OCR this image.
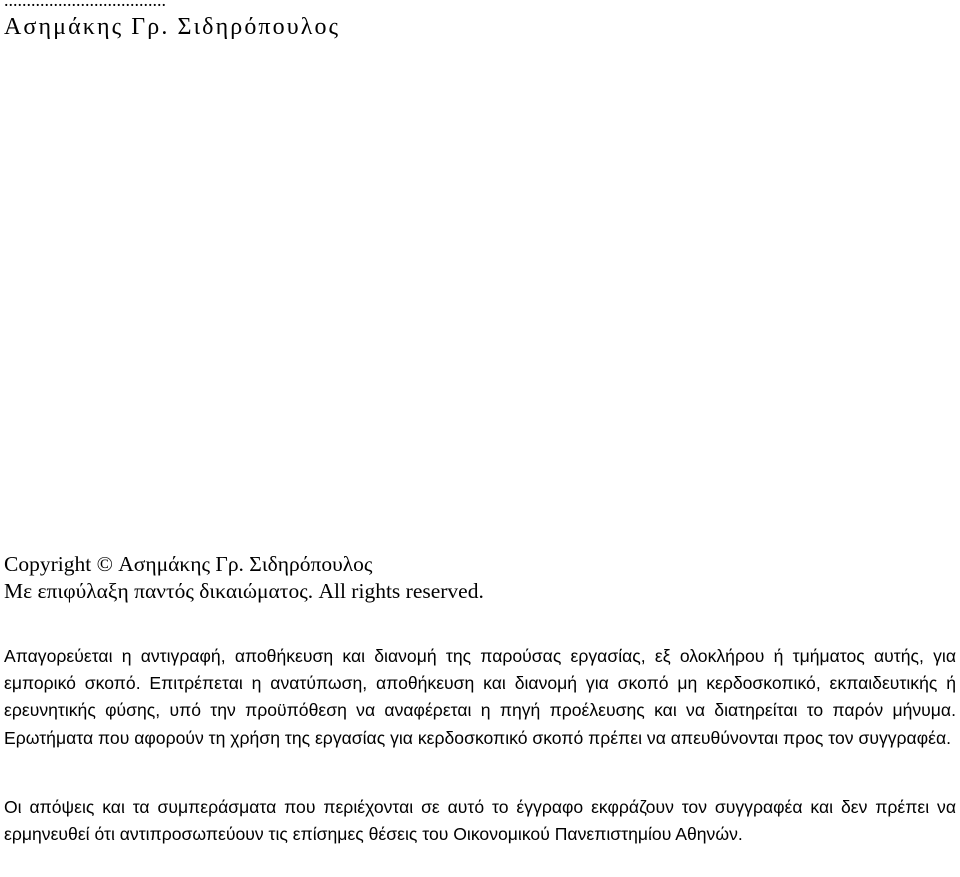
....................................
Ασημάκης Γρ. Σιδηρόπουλος
Copyright © Ασημάκης Γρ. Σιδηρόπουλος
Με επιφύλαξη παντός δικαιώματος. All rights reserved.

Απαγορεύεται η αντιγραφή, αποθήκευση και διανομή της παρούσας εργασίας, εξ ολοκλήρου ή τμήματος αυτής, για εμπορικό σκοπό. Επιτρέπεται η ανατύπωση, αποθήκευση και διανομή για σκοπό μη κερδοσκοπικό, εκπαιδευτικής ή ερευνητικής φύσης, υπό την προϋπόθεση να αναφέρεται η πηγή προέλευσης και να διατηρείται το παρόν μήνυμα. Ερωτήματα που αφορούν τη χρήση της εργασίας για κερδοσκοπικό σκοπό πρέπει να απευθύνονται προς τον συγγραφέα.

Οι απόψεις και τα συμπεράσματα που περιέχονται σε αυτό το έγγραφο εκφράζουν τον συγγραφέα και δεν πρέπει να ερμηνευθεί ότι αντιπροσωπεύουν τις επίσημες θέσεις του Οικονομικού Πανεπιστημίου Αθηνών.
